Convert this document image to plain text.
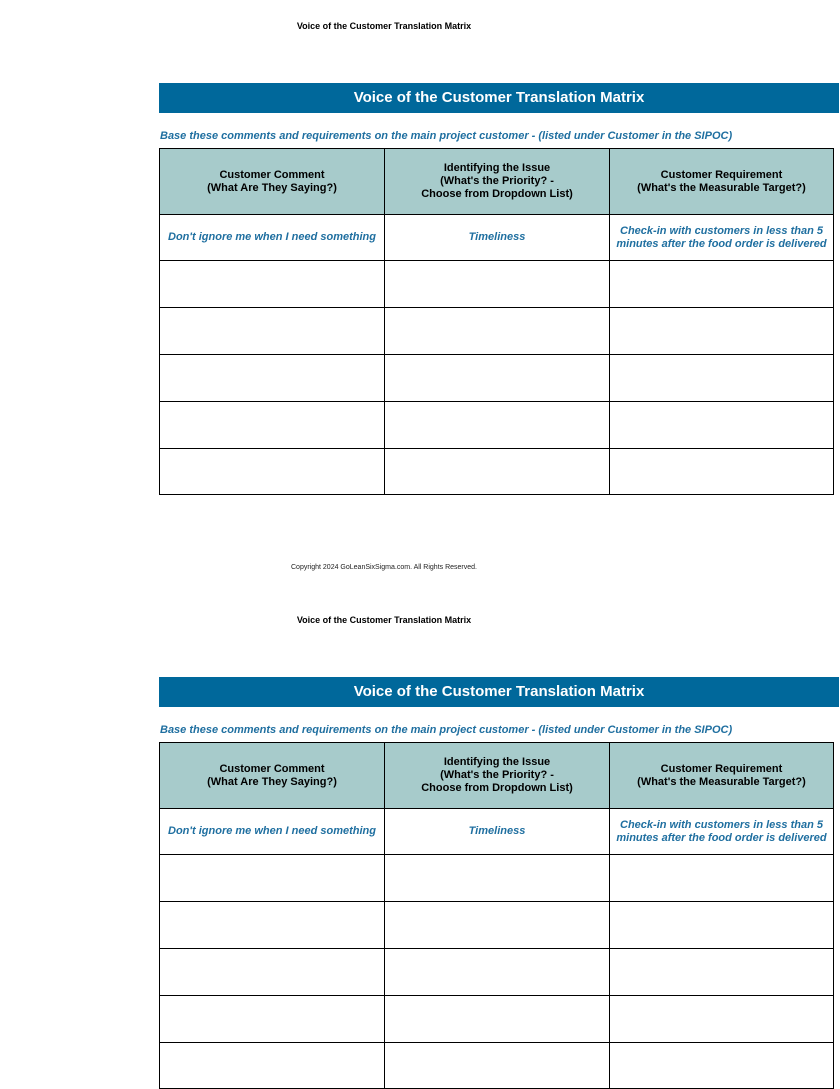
Voice of the Customer Translation Matrix
Voice of the Customer Translation Matrix
Base these comments and requirements on the main project customer - (listed under Customer in the SIPOC)
Customer Comment
(What Are They Saying?)
Identifying the Issue
(What's the Priority? -
Choose from Dropdown List)
Customer Requirement
(What's the Measurable Target?)
Don't ignore me when I need something	Timeliness
Check-in with customers in less than 5
minutes after the food order is delivered
Copyright 2024 GoLeanSixSigma.com. All Rights Reserved.
Voice of the Customer Translation Matrix
Voice of the Customer Translation Matrix
Base these comments and requirements on the main project customer - (listed under Customer in the SIPOC)
Customer Comment
(What Are They Saying?)
Identifying the Issue
(What's the Priority? -
Choose from Dropdown List)
Customer Requirement
(What's the Measurable Target?)
Don't ignore me when I need something	Timeliness
Check-in with customers in less than 5
minutes after the food order is delivered
